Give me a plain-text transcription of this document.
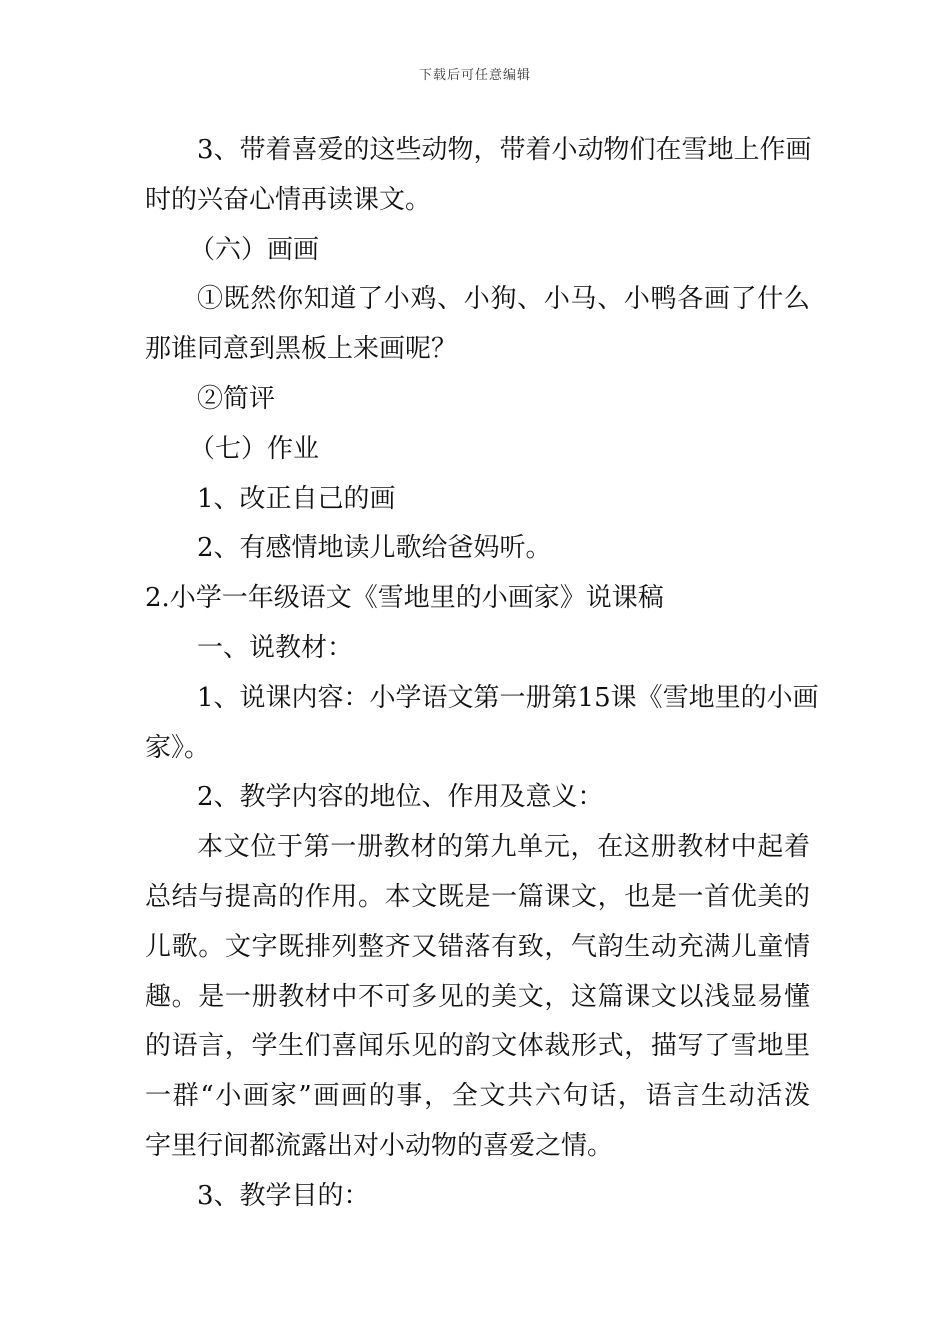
下载后可任意编辑
3、带着喜爱的这些动物，带着小动物们在雪地上作画
时的兴奋心情再读课文。
（六）画画
①既然你知道了小鸡、小狗、小马、小鸭各画了什么
那谁同意到黑板上来画呢？
②简评
（七）作业
1、改正自己的画
2、有感情地读儿歌给爸妈听。
2.小学一年级语文《雪地里的小画家》说课稿
一、说教材：
1、说课内容：小学语文第一册第15课《雪地里的小画
家》。
2、教学内容的地位、作用及意义：
本文位于第一册教材的第九单元，在这册教材中起着
总结与提高的作用。本文既是一篇课文，也是一首优美的
儿歌。文字既排列整齐又错落有致，气韵生动充满儿童情
趣。是一册教材中不可多见的美文，这篇课文以浅显易懂
的语言，学生们喜闻乐见的韵文体裁形式，描写了雪地里
一群“小画家”画画的事，全文共六句话，语言生动活泼
字里行间都流露出对小动物的喜爱之情。
3、教学目的：
